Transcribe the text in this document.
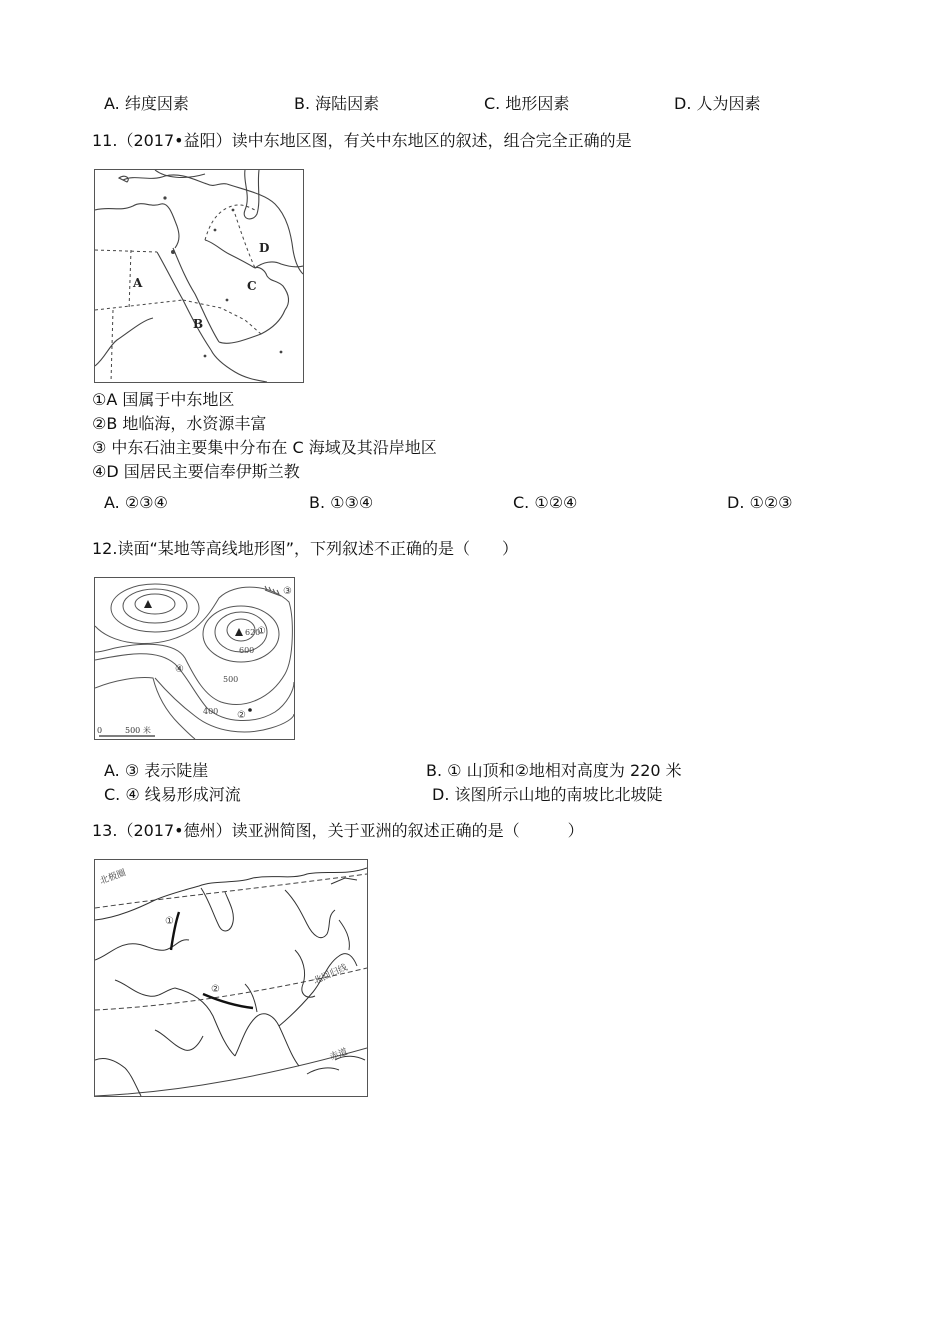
A. 纬度因素	B. 海陆因素	C. 地形因素	D. 人为因素
11.（2017•益阳）读中东地区图，有关中东地区的叙述，组合完全正确的是
A
B
C
D
①A 国属于中东地区
②B 地临海，水资源丰富
③ 中东石油主要集中分布在 C 海域及其沿岸地区
④D 国居民主要信奉伊斯兰教
A. ②③④	B. ①③④	C. ①②④	D. ①②③
12.读面“某地等高线地形图”，下列叙述不正确的是（　　）
620
600
500
400
①
②
③
④
0	500 米
A. ③ 表示陡崖	B. ① 山顶和②地相对高度为 220 米
C. ④ 线易形成河流	D. 该图所示山地的南坡比北坡陡
13.（2017•德州）读亚洲简图，关于亚洲的叙述正确的是（　　　）
北极圈
北回归线
赤道
①
②
